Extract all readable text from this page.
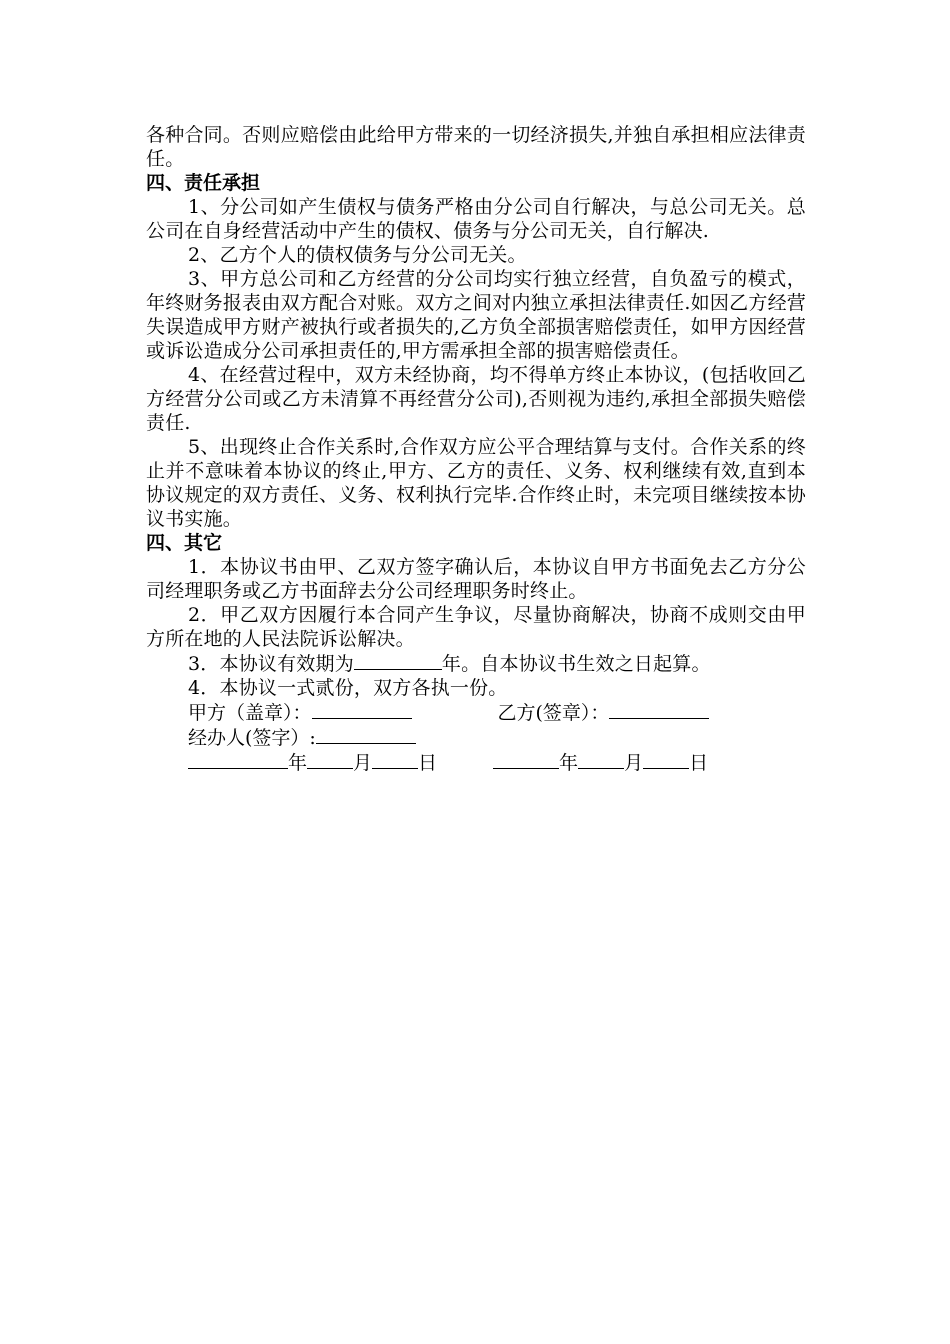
各种合同。否则应赔偿由此给甲方带来的一切经济损失,并独自承担相应法律责任。

四、责任承担

1、分公司如产生债权与债务严格由分公司自行解决，与总公司无关。总公司在自身经营活动中产生的债权、债务与分公司无关，自行解决.

2、乙方个人的债权债务与分公司无关。

3、甲方总公司和乙方经营的分公司均实行独立经营，自负盈亏的模式，年终财务报表由双方配合对账。双方之间对内独立承担法律责任.如因乙方经营失误造成甲方财产被执行或者损失的,乙方负全部损害赔偿责任，如甲方因经营或诉讼造成分公司承担责任的,甲方需承担全部的损害赔偿责任。

4、在经营过程中，双方未经协商，均不得单方终止本协议，(包括收回乙方经营分公司或乙方未清算不再经营分公司),否则视为违约,承担全部损失赔偿责任.

5、出现终止合作关系时,合作双方应公平合理结算与支付。合作关系的终止并不意味着本协议的终止,甲方、乙方的责任、义务、权利继续有效,直到本协议规定的双方责任、义务、权利执行完毕.合作终止时，未完项目继续按本协议书实施。

四、其它

1．本协议书由甲、乙双方签字确认后，本协议自甲方书面免去乙方分公司经理职务或乙方书面辞去分公司经理职务时终止。

2．甲乙双方因履行本合同产生争议，尽量协商解决，协商不成则交由甲方所在地的人民法院诉讼解决。

3．本协议有效期为	年。自本协议书生效之日起算。

4．本协议一式贰份，双方各执一份。

甲方（盖章）：	乙方(签章）：

经办人(签字）:

年 月 日	年 月 日
